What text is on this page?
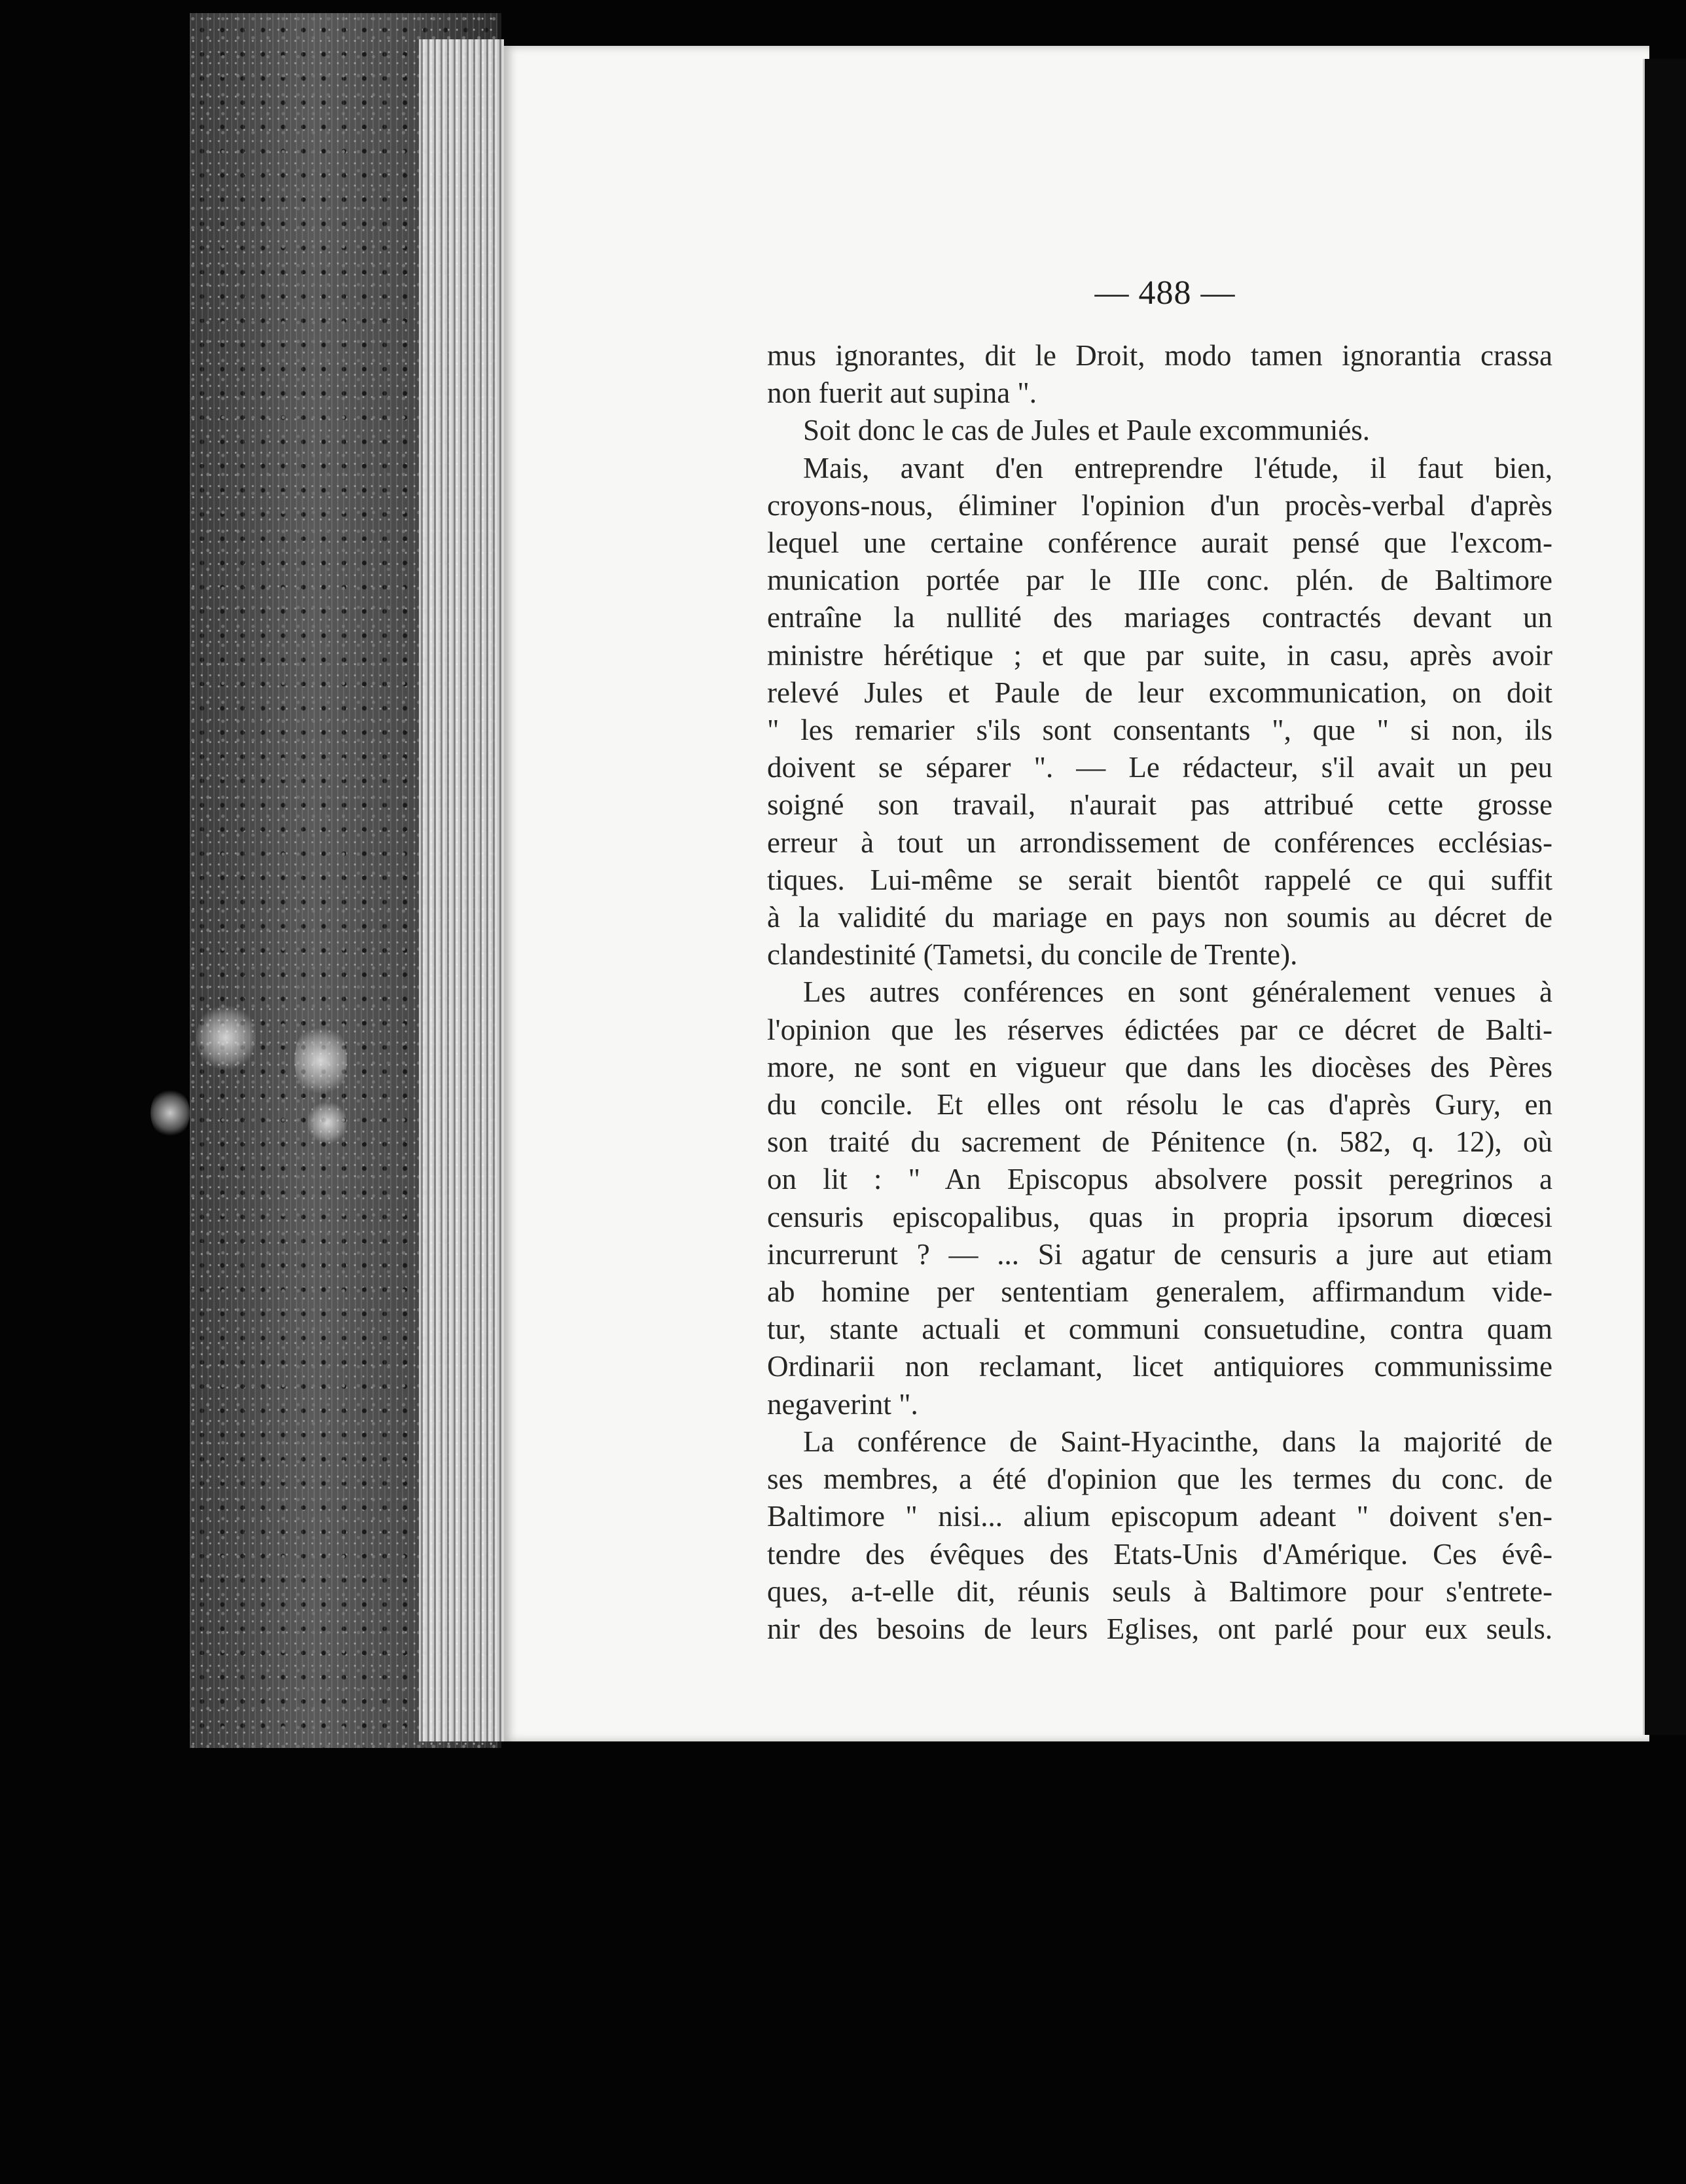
— 488 —
mus ignorantes, dit le Droit, modo tamen ignorantia crassa
non fuerit aut supina ".
Soit donc le cas de Jules et Paule excommuniés.
Mais, avant d'en entreprendre l'étude, il faut bien,
croyons-nous, éliminer l'opinion d'un procès-verbal d'après
lequel une certaine conférence aurait pensé que l'excom-
munication portée par le IIIe conc. plén. de Baltimore
entraîne la nullité des mariages contractés devant un
ministre hérétique ; et que par suite, in casu, après avoir
relevé Jules et Paule de leur excommunication, on doit
" les remarier s'ils sont consentants ", que " si non, ils
doivent se séparer ". — Le rédacteur, s'il avait un peu
soigné son travail, n'aurait pas attribué cette grosse
erreur à tout un arrondissement de conférences ecclésias-
tiques. Lui-même se serait bientôt rappelé ce qui suffit
à la validité du mariage en pays non soumis au décret de
clandestinité (Tametsi, du concile de Trente).
Les autres conférences en sont généralement venues à
l'opinion que les réserves édictées par ce décret de Balti-
more, ne sont en vigueur que dans les diocèses des Pères
du concile. Et elles ont résolu le cas d'après Gury, en
son traité du sacrement de Pénitence (n. 582, q. 12), où
on lit : " An Episcopus absolvere possit peregrinos a
censuris episcopalibus, quas in propria ipsorum diœcesi
incurrerunt ? — ... Si agatur de censuris a jure aut etiam
ab homine per sententiam generalem, affirmandum vide-
tur, stante actuali et communi consuetudine, contra quam
Ordinarii non reclamant, licet antiquiores communissime
negaverint ".
La conférence de Saint-Hyacinthe, dans la majorité de
ses membres, a été d'opinion que les termes du conc. de
Baltimore " nisi... alium episcopum adeant " doivent s'en-
tendre des évêques des Etats-Unis d'Amérique. Ces évê-
ques, a-t-elle dit, réunis seuls à Baltimore pour s'entrete-
nir des besoins de leurs Eglises, ont parlé pour eux seuls.
